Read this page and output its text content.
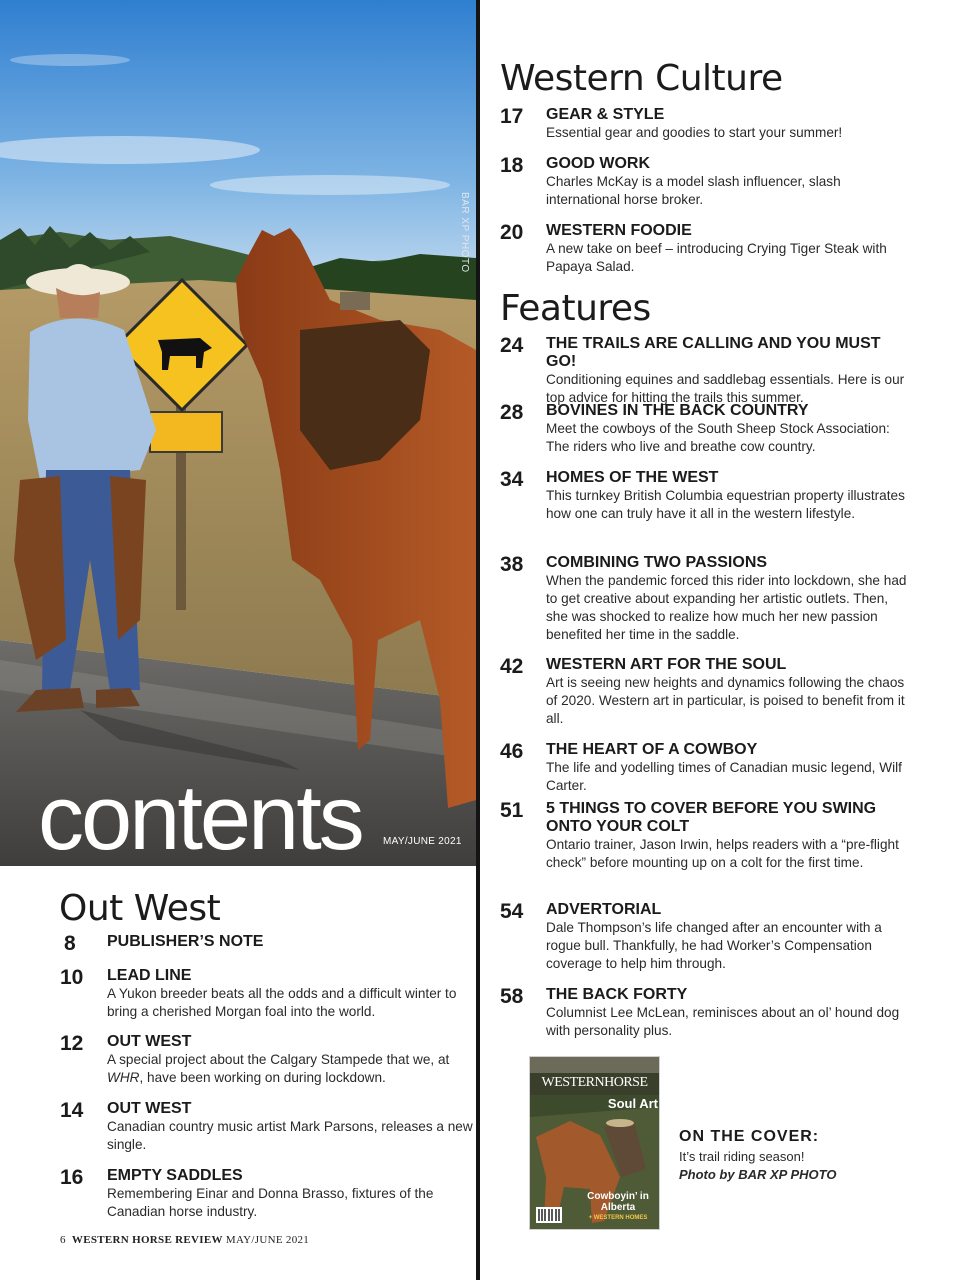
BAR XP PHOTO
contents MAY/JUNE 2021
Western Culture
17 GEAR & STYLE
Essential gear and goodies to start your summer!
18 GOOD WORK
Charles McKay is a model slash influencer, slash international horse broker.
20 WESTERN FOODIE
A new take on beef – introducing Crying Tiger Steak with Papaya Salad.
Features
24 THE TRAILS ARE CALLING AND YOU MUST GO!
Conditioning equines and saddlebag essentials. Here is our top advice for hitting the trails this summer.
28 BOVINES IN THE BACK COUNTRY
Meet the cowboys of the South Sheep Stock Association: The riders who live and breathe cow country.
34 HOMES OF THE WEST
This turnkey British Columbia equestrian property illustrates how one can truly have it all in the western lifestyle.
38 COMBINING TWO PASSIONS
When the pandemic forced this rider into lockdown, she had to get creative about expanding her artistic outlets. Then, she was shocked to realize how much her new passion benefited her time in the saddle.
42 WESTERN ART FOR THE SOUL
Art is seeing new heights and dynamics following the chaos of 2020. Western art in particular, is poised to benefit from it all.
46 THE HEART OF A COWBOY
The life and yodelling times of Canadian music legend, Wilf Carter.
51 5 THINGS TO COVER BEFORE YOU SWING ONTO YOUR COLT
Ontario trainer, Jason Irwin, helps readers with a “pre-flight check” before mounting up on a colt for the first time.
54 ADVERTORIAL
Dale Thompson’s life changed after an encounter with a rogue bull. Thankfully, he had Worker’s Compensation coverage to help him through.
58 THE BACK FORTY
Columnist Lee McLean, reminisces about an ol’ hound dog with personality plus.
WESTERNHORSE
Soul Art
Cowboyin’ in Alberta
+ WESTERN HOMES
ON THE COVER:
It’s trail riding season!
Photo by BAR XP PHOTO
Out West
8 PUBLISHER’S NOTE
10 LEAD LINE
A Yukon breeder beats all the odds and a difficult winter to bring a cherished Morgan foal into the world.
12 OUT WEST
A special project about the Calgary Stampede that we, at WHR, have been working on during lockdown.
14 OUT WEST
Canadian country music artist Mark Parsons, releases a new single.
16 EMPTY SADDLES
Remembering Einar and Donna Brasso, fixtures of the Canadian horse industry.
6 WESTERN HORSE REVIEW MAY/JUNE 2021
